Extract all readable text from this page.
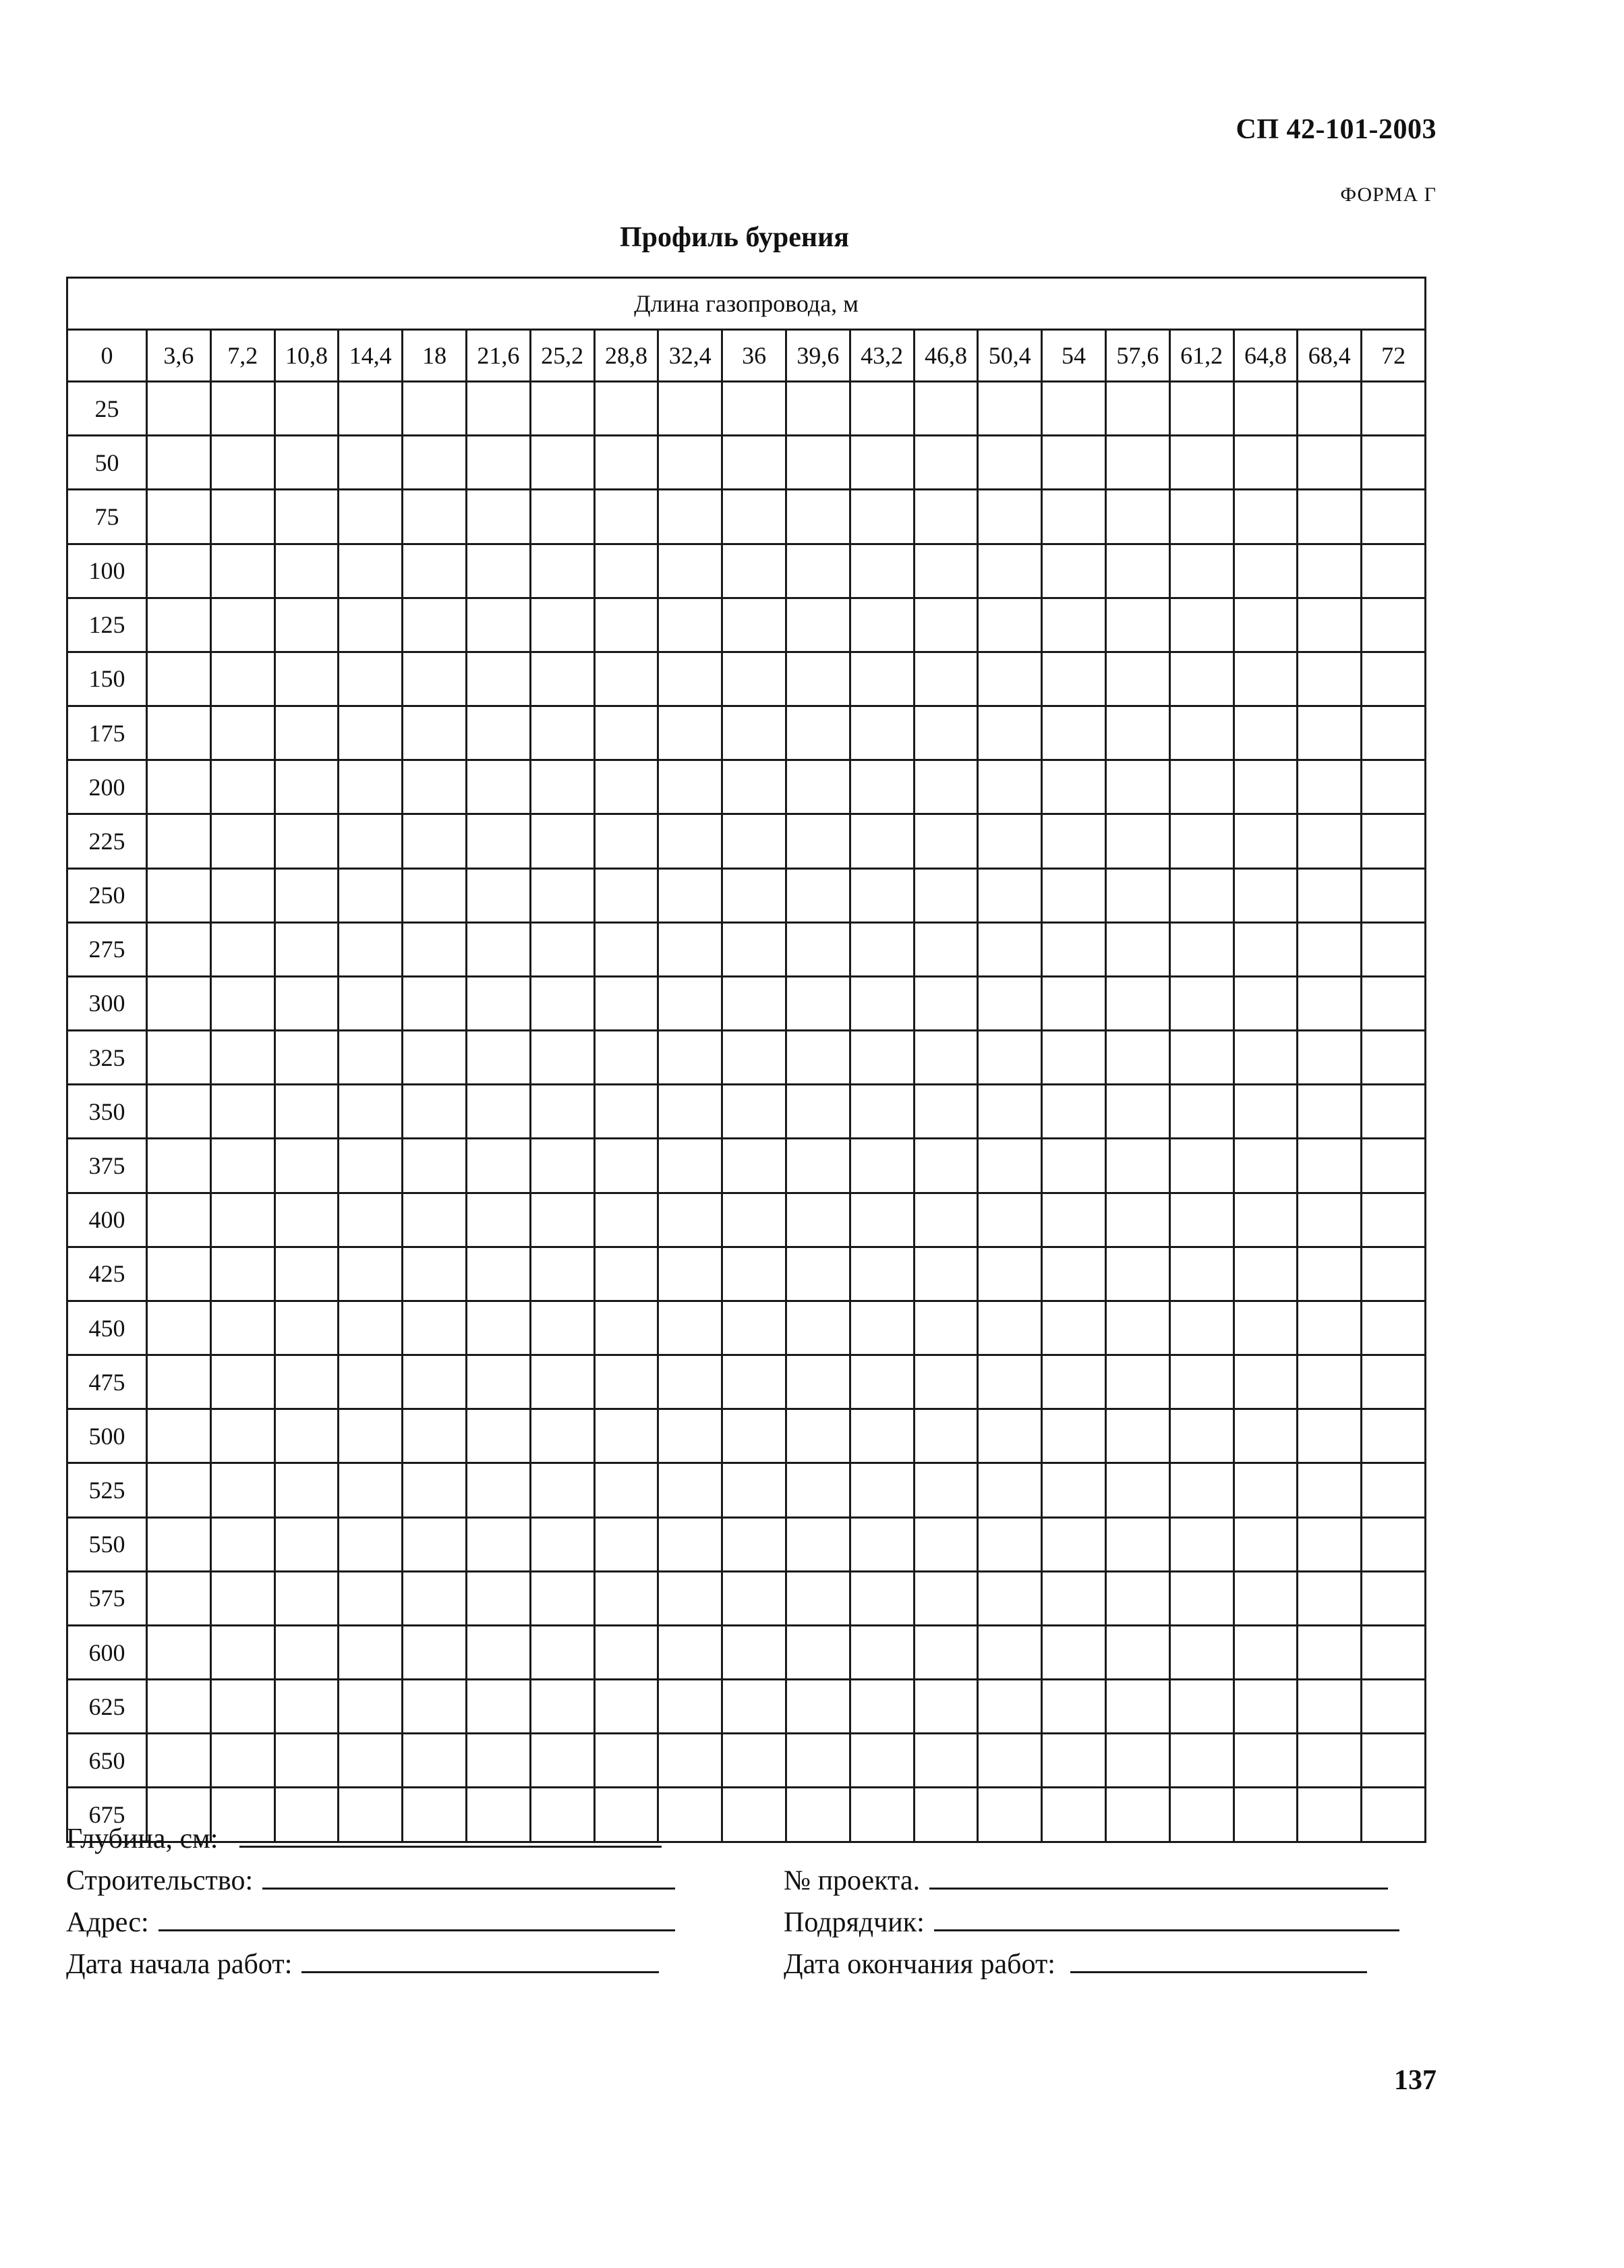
СП 42-101-2003
ФОРМА Г
Профиль бурения
Длина газопровода, м																				
0	3,6	7,2	10,8	14,4	18	21,6	25,2	28,8	32,4	36	39,6	43,2	46,8	50,4	54	57,6	61,2	64,8	68,4	72
25																				
50																				
75																				
100																				
125																				
150																				
175																				
200																				
225																				
250																				
275																				
300																				
325																				
350																				
375																				
400																				
425																				
450																				
475																				
500																				
525																				
550																				
575																				
600																				
625																				
650																				
675																				
Глубина, см:
Строительство:
Адрес:
Дата начала работ:
№ проекта.
Подрядчик:
Дата окончания работ:
137
